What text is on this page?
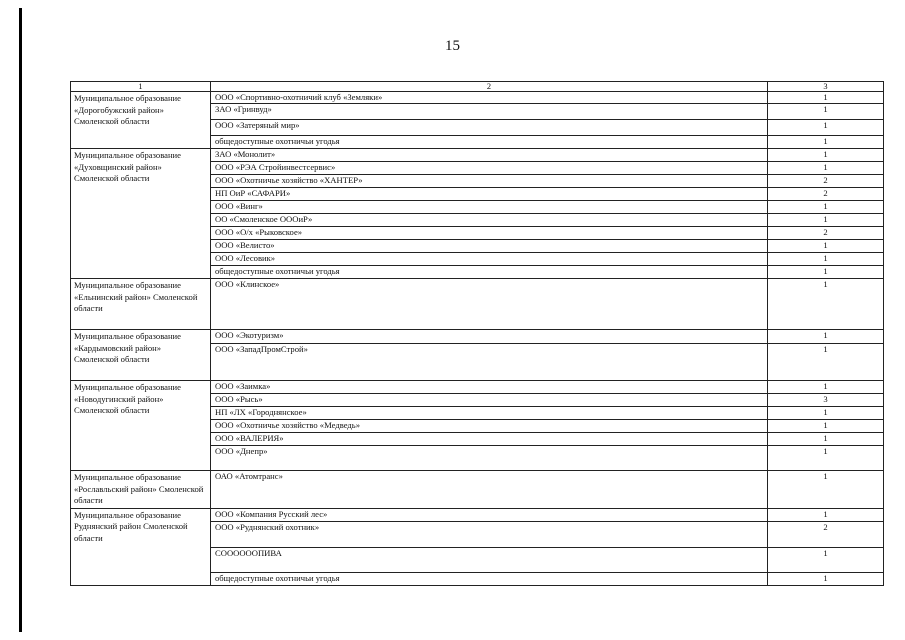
15
1	2	3
Муниципальное образование «Дорогобужский район» Смоленской области	ООО «Спортивно-охотничий клуб «Земляки»	1
	ЗАО «Гринвуд»	1
	ООО «Затеряный мир»	1
	общедоступные охотничьи угодья	1
Муниципальное образование «Духовщинский район» Смоленской области	ЗАО «Монолит»	1
	ООО «РЭА Стройинвестсервис»	1
	ООО «Охотничье хозяйство «ХАНТЕР»	2
	НП ОиР «САФАРИ»	2
	ООО «Винг»	1
	ОО «Смоленское ОООиР»	1
	ООО «О/х «Рыковское»	2
	ООО «Велисто»	1
	ООО «Лесовик»	1
	общедоступные охотничьи угодья	1
Муниципальное образование «Ельнинский район» Смоленской области	ООО «Клинское»	1
Муниципальное образование «Кардымовский район» Смоленской области	ООО «Экотуризм»	1
	ООО «ЗападПромСтрой»	1
Муниципальное образование «Новодугинский район» Смоленской области	ООО «Заимка»	1
	ООО «Рысь»	3
	НП «ЛХ «Городнянское»	1
	ООО «Охотничье хозяйство «Медведь»	1
	ООО «ВАЛЕРИЯ»	1
	ООО «Днепр»	1
Муниципальное образование «Рославльский район» Смоленской области	ОАО «Атомтранс»	1
Муниципальное образование Руднянский район Смоленской области	ООО «Компания Русский лес»	1
	ООО «Руднянский охотник»	2
	СООООООПИВА	1
	общедоступные охотничьи угодья	1
